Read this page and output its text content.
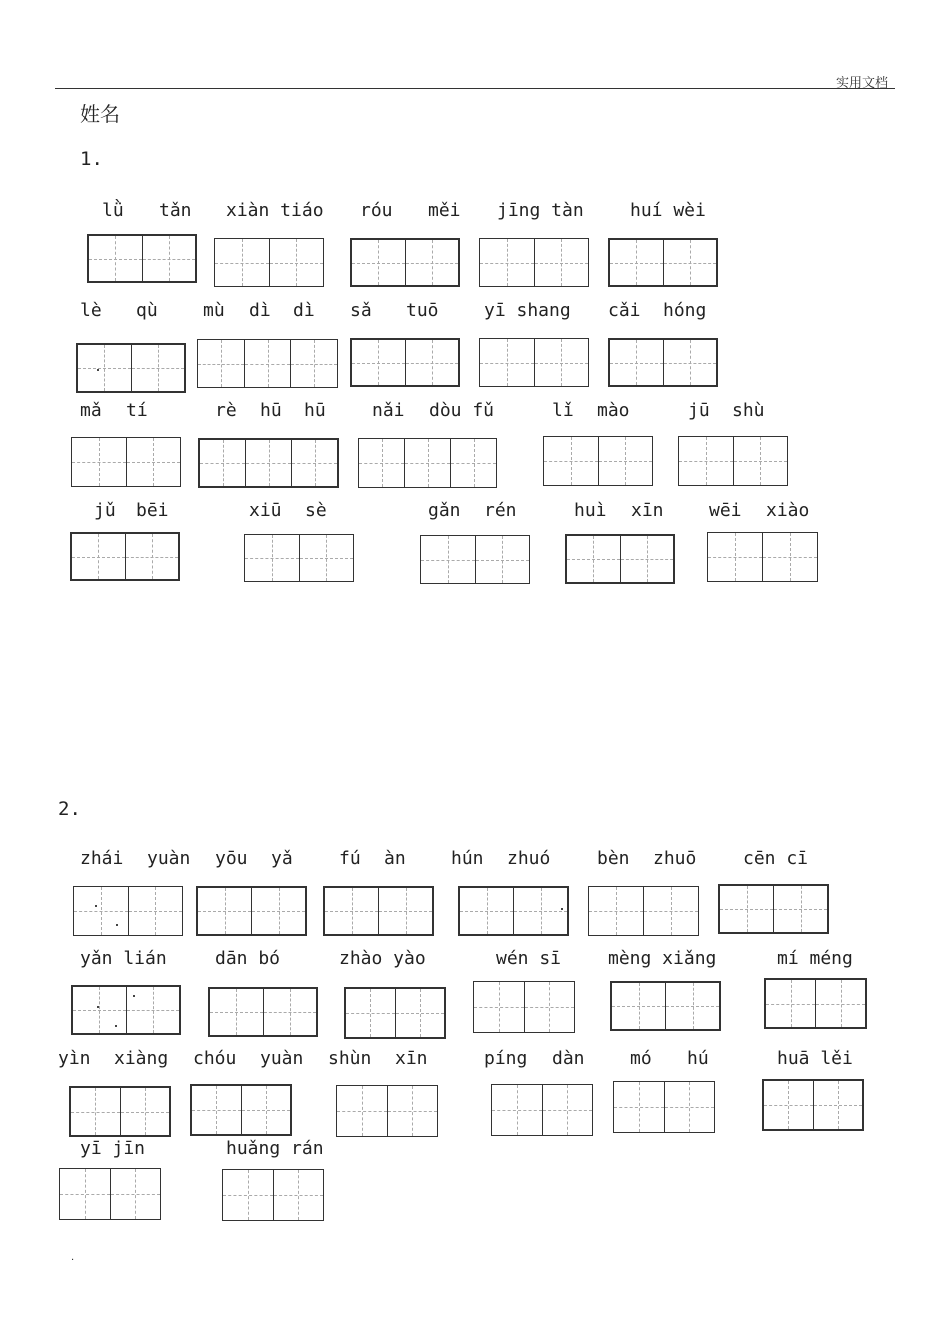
实用文档
姓名
1.
lǜ tǎn xiàn tiáo róu měi jīng tàn	huí wèi
lè qù	mù dì dì sǎ tuō	yī shang cǎi hóng
mǎ tí	rè hū hū	nǎi dòu fǔ	lǐ mào	jū shù
jǔ bēi	xiū sè	gǎn rén	huì xīn	wēi xiào
2.
zhái yuàn yōu yǎ	fú àn	hún zhuó	bèn zhuō	cēn cī
yǎn lián	dān bó	zhào yào	wén sī	mèng xiǎng	mí méng
yìn xiàng chóu yuàn shùn xīn	píng dàn	mó hú	huā lěi
yī jīn	huǎng rán
.
